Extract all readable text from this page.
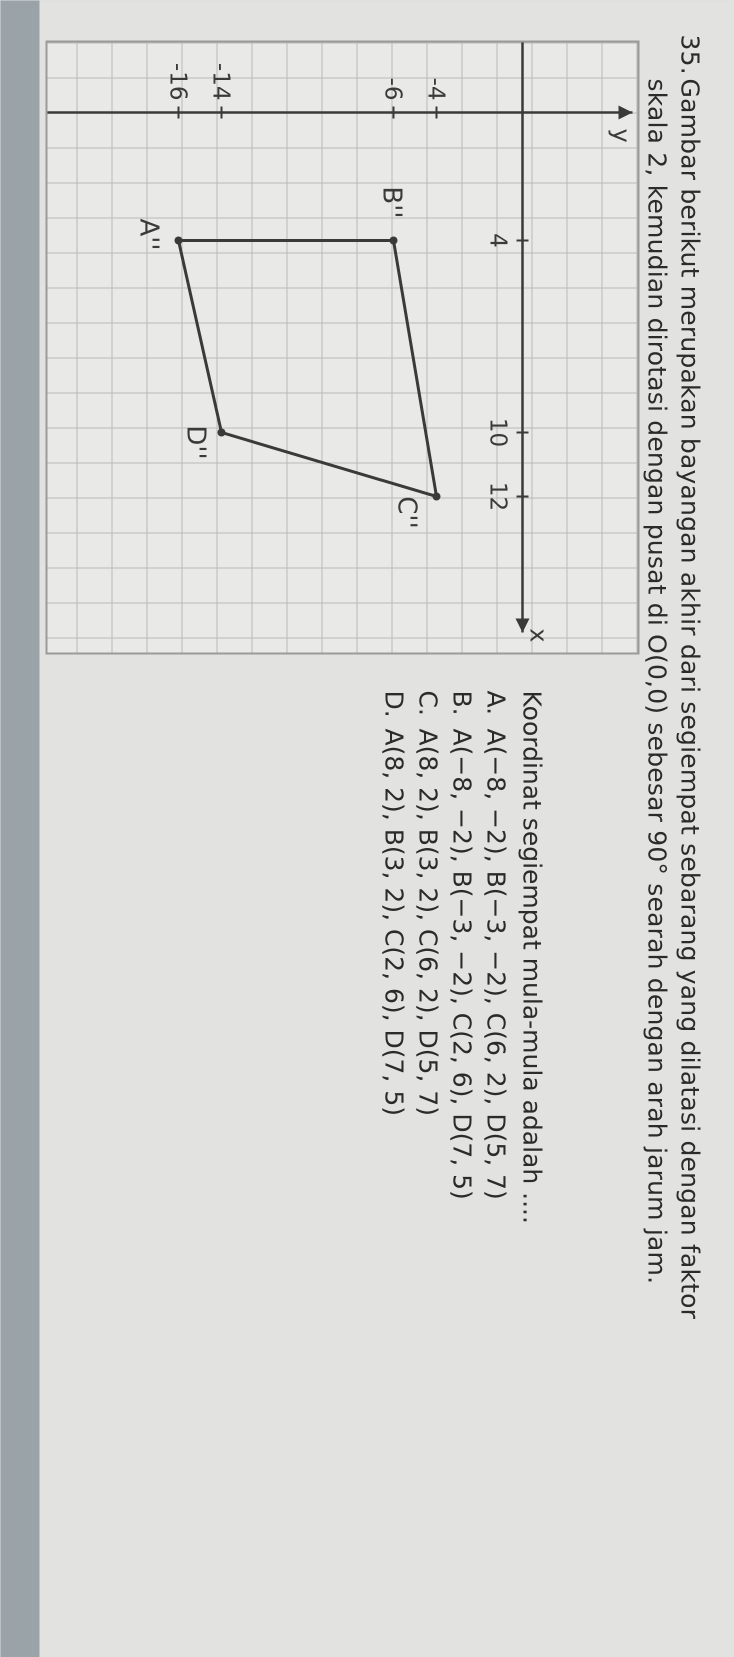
35.
Gambar berikut merupakan bayangan akhir dari segiempat sebarang yang dilatasi dengan faktor
skala 2, kemudian dirotasi dengan pusat di O(0,0) sebesar 90° searah dengan arah jarum jam.
x
y
4
10
12
-4
-6
-14
-16
A''
B''
C''
D''
Koordinat segiempat mula-mula adalah ....
A.A(−8, −2), B(−3, −2), C(6, 2), D(5, 7)
B.A(−8, −2), B(−3, −2), C(2, 6), D(7, 5)
C.A(8, 2), B(3, 2), C(6, 2), D(5, 7)
D.A(8, 2), B(3, 2), C(2, 6), D(7, 5)
